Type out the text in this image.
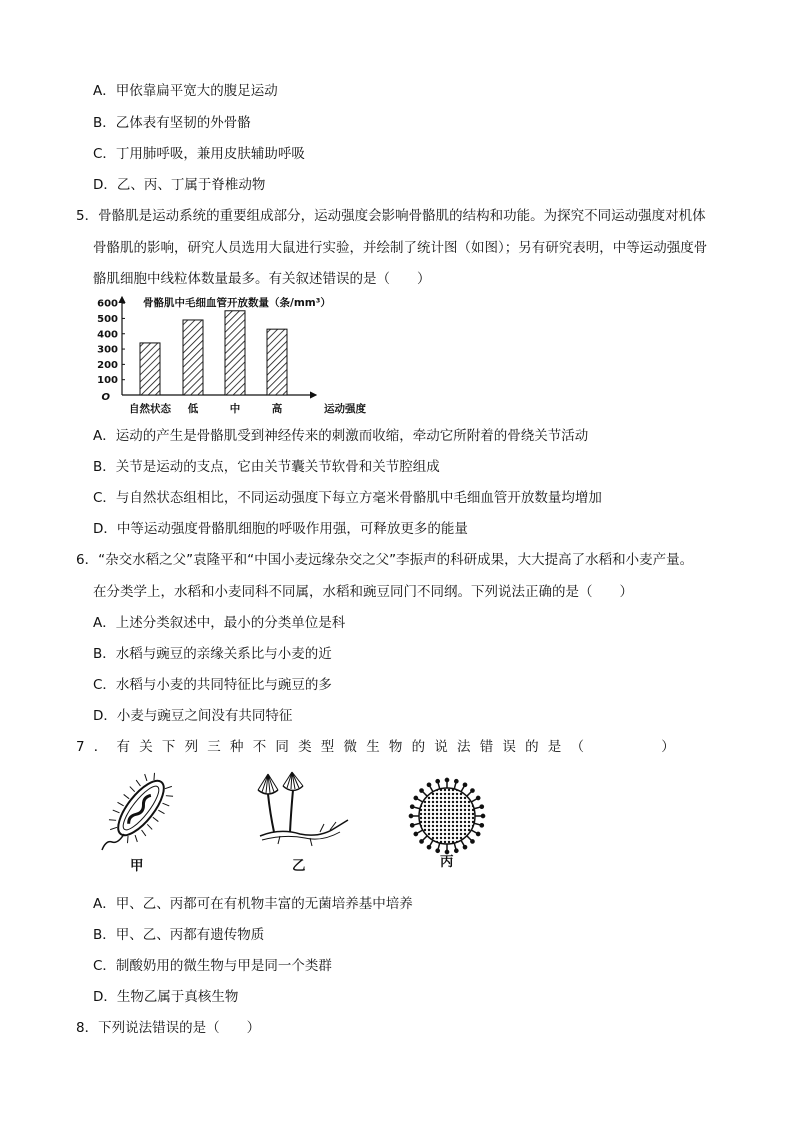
A．甲依靠扁平宽大的腹足运动
B．乙体表有坚韧的外骨骼
C．丁用肺呼吸，兼用皮肤辅助呼吸
D．乙、丙、丁属于脊椎动物
5．骨骼肌是运动系统的重要组成部分，运动强度会影响骨骼肌的结构和功能。为探究不同运动强度对机体
骨骼肌的影响，研究人员选用大鼠进行实验，并绘制了统计图（如图）；另有研究表明，中等运动强度骨
骼肌细胞中线粒体数量最多。有关叙述错误的是（　　）
骨骼肌中毛细血管开放数量（条/mm³）
O
100
200
300
400
500
600
自然状态 低	中	高	运动强度
A．运动的产生是骨骼肌受到神经传来的刺激而收缩，牵动它所附着的骨绕关节活动
B．关节是运动的支点，它由关节囊关节软骨和关节腔组成
C．与自然状态组相比，不同运动强度下每立方毫米骨骼肌中毛细血管开放数量均增加
D．中等运动强度骨骼肌细胞的呼吸作用强，可释放更多的能量
6．“杂交水稻之父”袁隆平和“中国小麦远缘杂交之父”李振声的科研成果，大大提高了水稻和小麦产量。
在分类学上，水稻和小麦同科不同属，水稻和豌豆同门不同纲。下列说法正确的是（　　）
A．上述分类叙述中，最小的分类单位是科
B．水稻与豌豆的亲缘关系比与小麦的近
C．水稻与小麦的共同特征比与豌豆的多
D．小麦与豌豆之间没有共同特征
7．有关下列三种不同类型微生物的说法错误的是（　　　）
甲	乙	丙
A．甲、乙、丙都可在有机物丰富的无菌培养基中培养
B．甲、乙、丙都有遗传物质
C．制酸奶用的微生物与甲是同一个类群
D．生物乙属于真核生物
8．下列说法错误的是（　　）
